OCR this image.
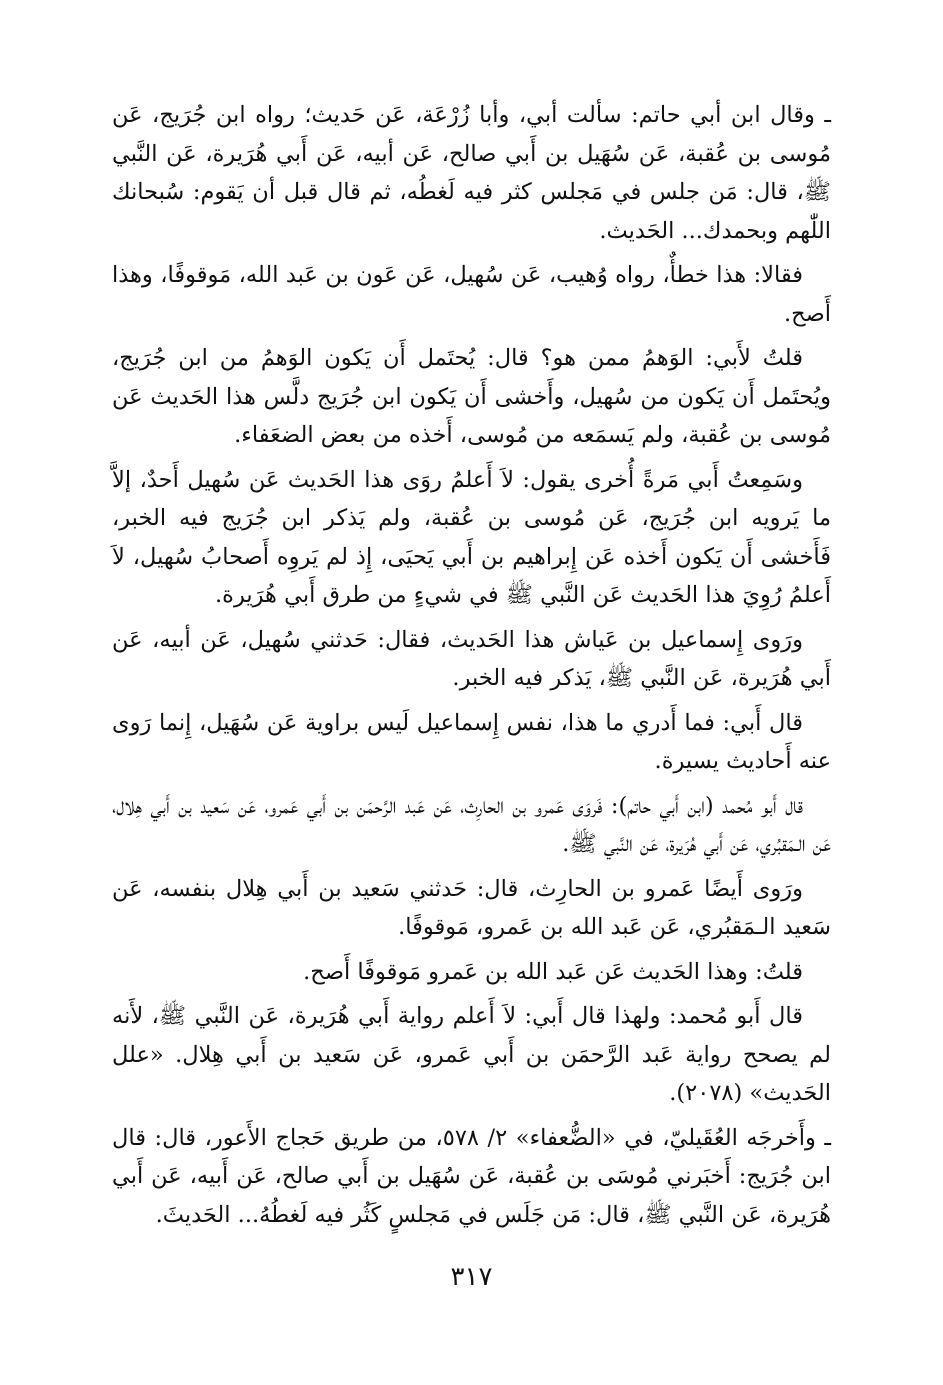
ـ وقال ابن أبي حاتم: سألت أبي، وأبا زُرْعَة، عَن حَديث؛ رواه ابن جُرَيج، عَن مُوسى بن عُقبة، عَن سُهَيل بن أَبي صالح، عَن أبيه، عَن أَبي هُرَيرة، عَن النَّبي ﷺ، قال: مَن جلس في مَجلس كثر فيه لَغطُه، ثم قال قبل أن يَقوم: سُبحانك اللّٰهم وبحمدك... الحَديث.

فقالا: هذا خطأٌ، رواه وُهيب، عَن سُهيل، عَن عَون بن عَبد الله، مَوقوفًا، وهذا أَصح.

قلتُ لأَبي: الوَهمُ ممن هو؟ قال: يُحتَمل أَن يَكون الوَهمُ من ابن جُرَيج، ويُحتَمل أَن يَكون من سُهيل، وأَخشى أَن يَكون ابن جُرَيج دلَّس هذا الحَديث عَن مُوسى بن عُقبة، ولم يَسمَعه من مُوسى، أَخذه من بعض الضعَفاء.

وسَمِعتُ أَبي مَرةً أُخرى يقول: لاَ أَعلمُ روَى هذا الحَديث عَن سُهيل أَحدٌ، إلاَّ ما يَرويه ابن جُرَيج، عَن مُوسى بن عُقبة، ولم يَذكر ابن جُرَيج فيه الخبر، فَأَخشى أَن يَكون أَخذه عَن إِبراهيم بن أَبي يَحيَى، إِذ لم يَروِه أَصحابُ سُهيل، لاَ أَعلمُ رُوِيَ هذا الحَديث عَن النَّبي ﷺ في شيءٍ من طرق أَبي هُرَيرة.

ورَوى إِسماعيل بن عَياش هذا الحَديث، فقال: حَدثني سُهيل، عَن أبيه، عَن أَبي هُرَيرة، عَن النَّبي ﷺ، يَذكر فيه الخبر.

قال أَبي: فما أَدري ما هذا، نفس إِسماعيل لَيس براوية عَن سُهَيل، إِنما رَوى عنه أَحاديث يسيرة.

قال أَبو مُحمد (ابن أَبي حاتم): فَروَى عَمرو بن الحارِث، عَن عَبد الرَّحمَن بن أَبي عَمرو، عَن سَعيد بن أَبي هِلال، عَن الـمَقبُري، عَن أَبي هُرَيرة، عَن النَّبي ﷺ.

ورَوى أَيضًا عَمرو بن الحارِث، قال: حَدثني سَعيد بن أَبي هِلال بنفسه، عَن سَعيد الـمَقبُري، عَن عَبد الله بن عَمرو، مَوقوفًا.

قلتُ: وهذا الحَديث عَن عَبد الله بن عَمرو مَوقوفًا أَصح.

قال أَبو مُحمد: ولهذا قال أَبي: لاَ أَعلم رواية أَبي هُرَيرة، عَن النَّبي ﷺ، لأَنه لم يصحح رواية عَبد الرَّحمَن بن أَبي عَمرو، عَن سَعيد بن أَبي هِلال. «علل الحَديث» (٢٠٧٨).

ـ وأَخرجَه العُقَيليّ، في «الضُّعفاء» ٢/ ٥٧٨، من طريق حَجاج الأَعور، قال: قال ابن جُرَيج: أَخبَرني مُوسَى بن عُقبة، عَن سُهَيل بن أَبي صالح، عَن أَبيه، عَن أَبي هُرَيرة، عَن النَّبي ﷺ، قال: مَن جَلَس في مَجلسٍ كَثُر فيه لَغطُهُ... الحَديثَ.

٣١٧
